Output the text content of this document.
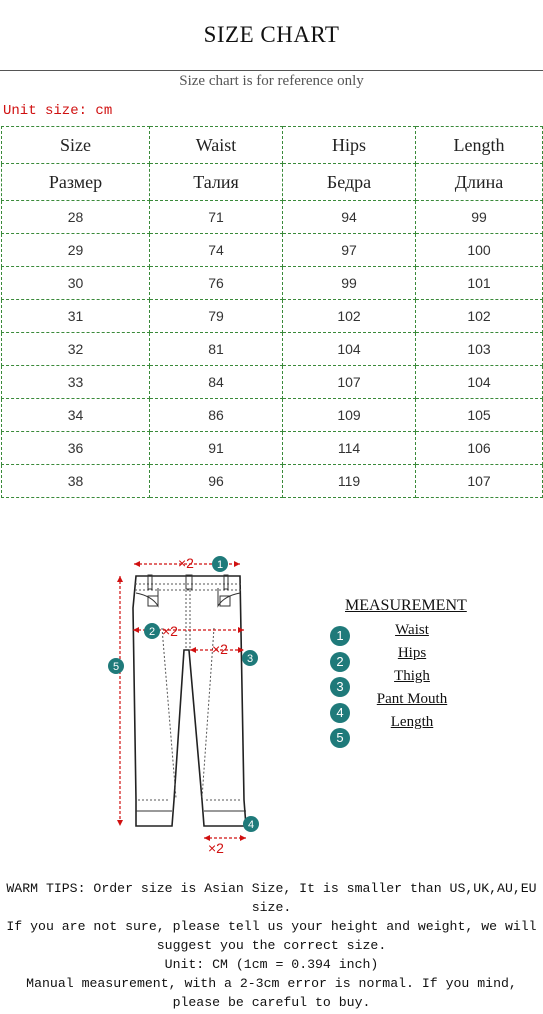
SIZE CHART
Size chart is for reference only
Unit size: cm
Size	Waist	Hips	Length
Размер	Талия	Бедра	Длина
28	71	94	99
29	74	97	100
30	76	99	101
31	79	102	102
32	81	104	103
33	84	107	104
34	86	109	105
36	91	114	106
38	96	119	107
×2
×2
×2
×2
1
2
3
4
5
MEASUREMENT
1
2
3
4
5
Waist
Hips
Thigh
Pant Mouth
Length
WARM TIPS: Order size is Asian Size, It is smaller than US,UK,AU,EU
size.
If you are not sure, please tell us your height and weight, we will
suggest you the correct size.
Unit: CM (1cm = 0.394 inch)
Manual measurement, with a 2-3cm error is normal. If you mind,
please be careful to buy.
